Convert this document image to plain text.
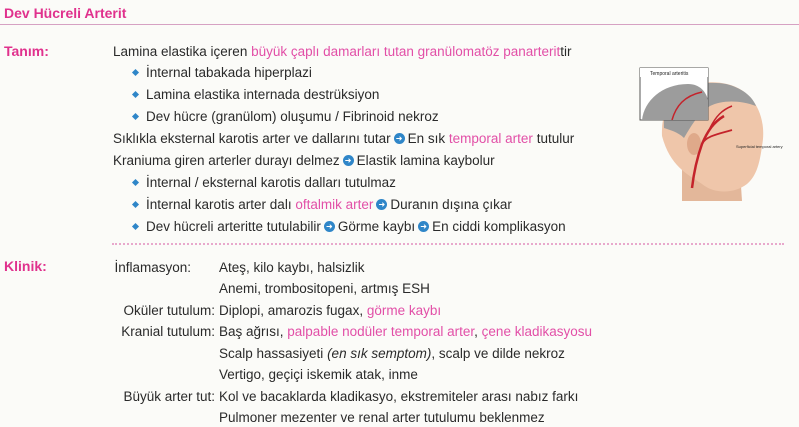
Dev Hücreli Arterit
Tanım:	Lamina elastika içeren büyük çaplı damarları tutan granülomatöz panarterittir
İnternal tabakada hiperplazi
Lamina elastika internada destrüksiyon
Dev hücre (granülom) oluşumu / Fibrinoid nekroz
Sıklıkla eksternal karotis arter ve dallarını tutar ➜ En sık temporal arter tutulur
Kraniuma giren arterler durayı delmez ➜ Elastik lamina kaybolur
İnternal / eksternal karotis dalları tutulmaz
İnternal karotis arter dalı oftalmik arter ➜ Duranın dışına çıkar
Dev hücreli arteritte tutulabilir ➜ Görme kaybı ➜ En ciddi komplikasyon
Temporal arteritis
Superficial temporal artery
Klinik:	İnflamasyon: Ateş, kilo kaybı, halsizlik
Anemi, trombositopeni, artmış ESH
Oküler tutulum: Diplopi, amarozis fugax, görme kaybı
Kranial tutulum: Baş ağrısı, palpable nodüler temporal arter, çene kladikasyosu
Scalp hassasiyeti (en sık semptom), scalp ve dilde nekroz
Vertigo, geçiçi iskemik atak, inme
Büyük arter tut: Kol ve bacaklarda kladikasyo, ekstremiteler arası nabız farkı
Pulmoner mezenter ve renal arter tutulumu beklenmez
